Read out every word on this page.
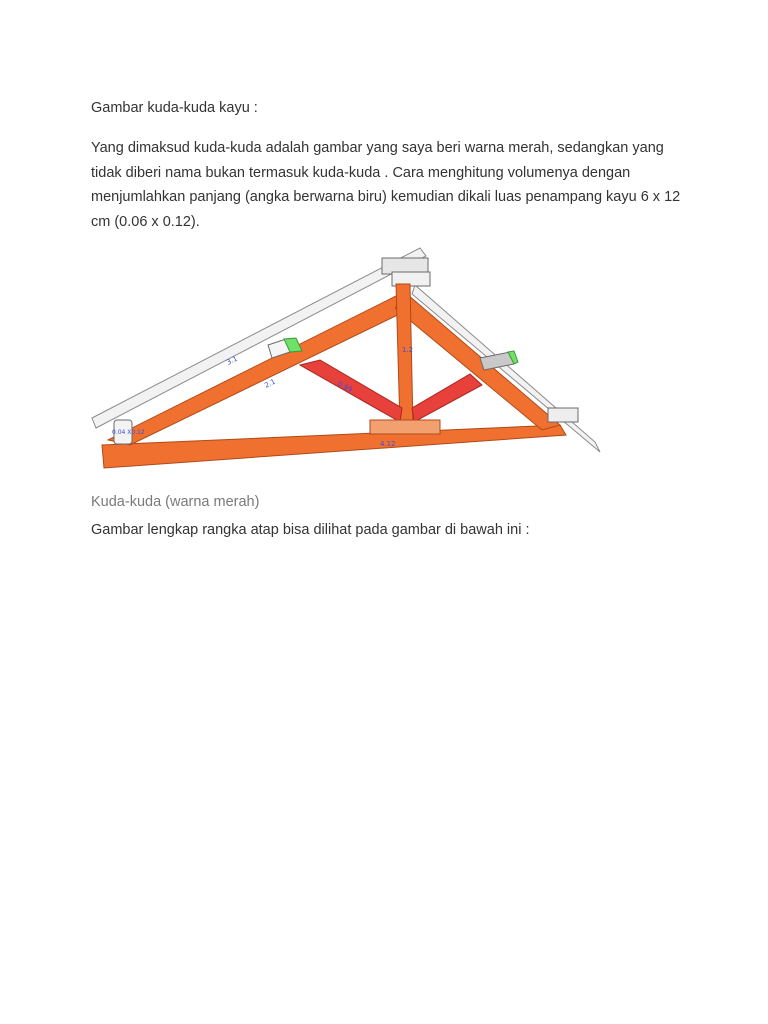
Gambar kuda-kuda kayu :
Yang dimaksud kuda-kuda adalah gambar yang saya beri warna merah, sedangkan yang
tidak diberi nama bukan termasuk kuda-kuda . Cara menghitung volumenya dengan
menjumlahkan panjang (angka berwarna biru) kemudian dikali luas penampang kayu 6 x 12
cm (0.06 x 0.12).
3.1
2.1	0.99
1.2
4.12
0.04 X0.12
Kuda-kuda (warna merah)
Gambar lengkap rangka atap bisa dilihat pada gambar di bawah ini :
